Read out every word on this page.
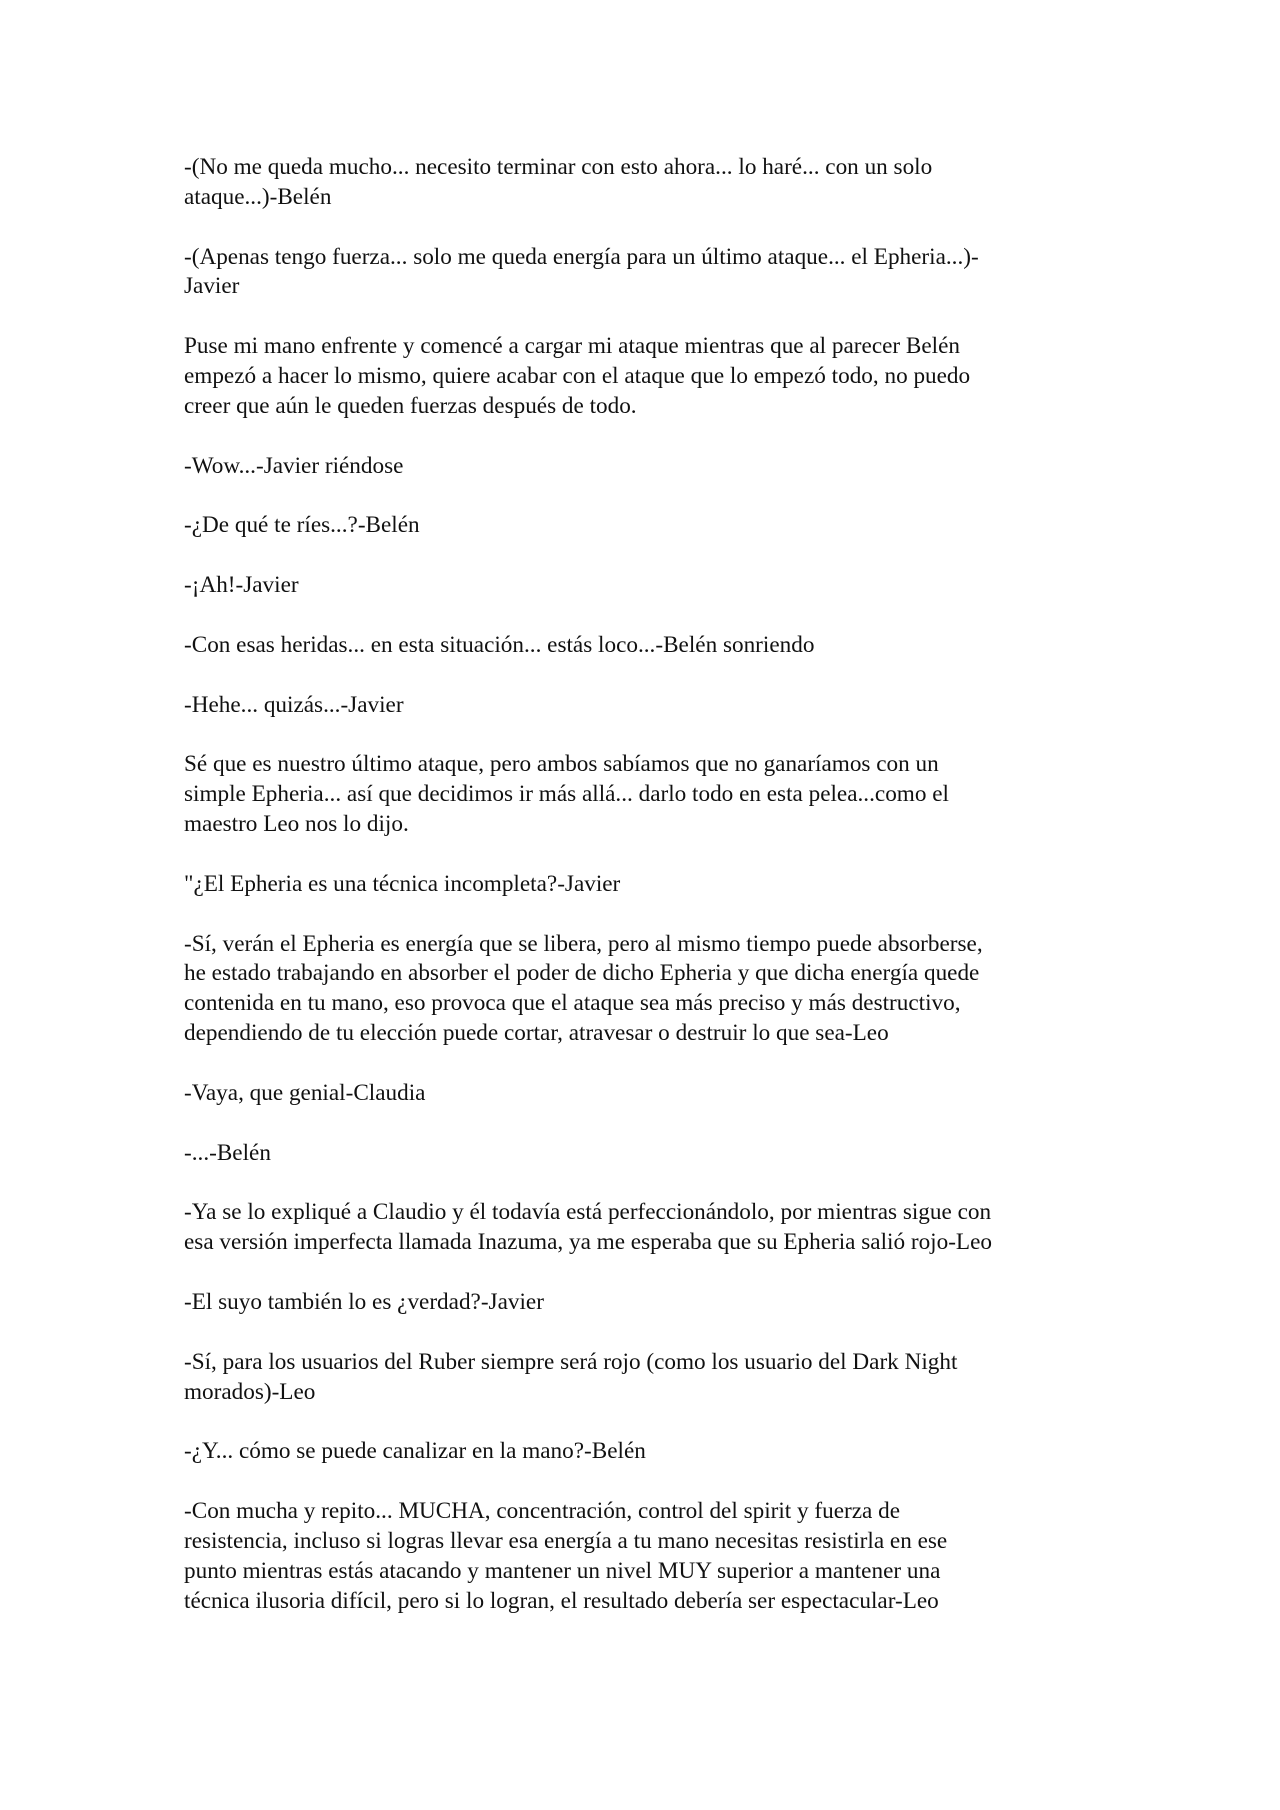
-(No me queda mucho... necesito terminar con esto ahora... lo haré... con un solo
ataque...)-Belén

-(Apenas tengo fuerza... solo me queda energía para un último ataque... el Epheria...)-
Javier

Puse mi mano enfrente y comencé a cargar mi ataque mientras que al parecer Belén
empezó a hacer lo mismo, quiere acabar con el ataque que lo empezó todo, no puedo
creer que aún le queden fuerzas después de todo.

-Wow...-Javier riéndose

-¿De qué te ríes...?-Belén

-¡Ah!-Javier

-Con esas heridas... en esta situación... estás loco...-Belén sonriendo

-Hehe... quizás...-Javier

Sé que es nuestro último ataque, pero ambos sabíamos que no ganaríamos con un
simple Epheria... así que decidimos ir más allá... darlo todo en esta pelea...como el
maestro Leo nos lo dijo.

"¿El Epheria es una técnica incompleta?-Javier

-Sí, verán el Epheria es energía que se libera, pero al mismo tiempo puede absorberse,
he estado trabajando en absorber el poder de dicho Epheria y que dicha energía quede
contenida en tu mano, eso provoca que el ataque sea más preciso y más destructivo,
dependiendo de tu elección puede cortar, atravesar o destruir lo que sea-Leo

-Vaya, que genial-Claudia

-...-Belén

-Ya se lo expliqué a Claudio y él todavía está perfeccionándolo, por mientras sigue con
esa versión imperfecta llamada Inazuma, ya me esperaba que su Epheria salió rojo-Leo

-El suyo también lo es ¿verdad?-Javier

-Sí, para los usuarios del Ruber siempre será rojo (como los usuario del Dark Night
morados)-Leo

-¿Y... cómo se puede canalizar en la mano?-Belén

-Con mucha y repito... MUCHA, concentración, control del spirit y fuerza de
resistencia, incluso si logras llevar esa energía a tu mano necesitas resistirla en ese
punto mientras estás atacando y mantener un nivel MUY superior a mantener una
técnica ilusoria difícil, pero si lo logran, el resultado debería ser espectacular-Leo
